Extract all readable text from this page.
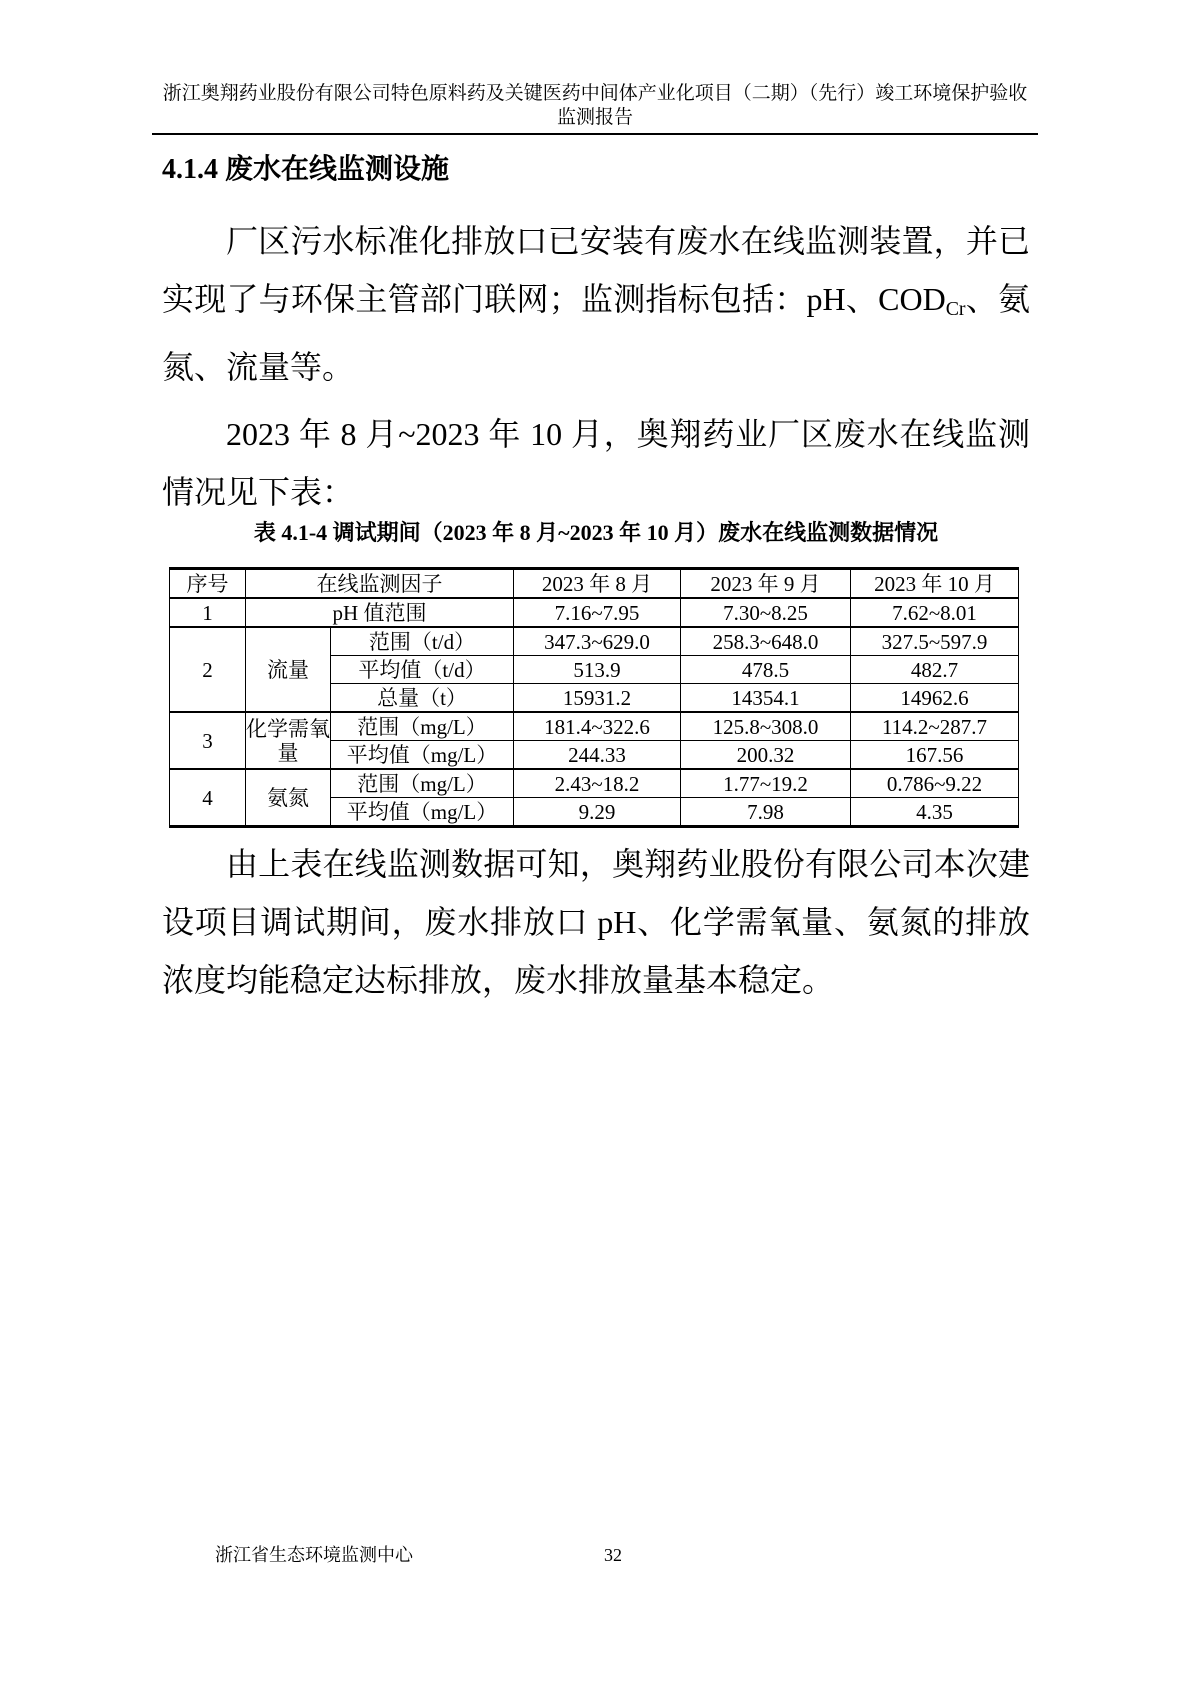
浙江奥翔药业股份有限公司特色原料药及关键医药中间体产业化项目（二期）（先行）竣工环境保护验收
监测报告
4.1.4 废水在线监测设施

厂区污水标准化排放口已安装有废水在线监测装置，并已实现了与环保主管部门联网；监测指标包括：pH、$COD_{Cr}$、氨氮、流量等。

2023 年 8 月~2023 年 10 月，奥翔药业厂区废水在线监测情况见下表：

表 4.1-4 调试期间（2023 年 8 月~2023 年 10 月）废水在线监测数据情况
序号	在线监测因子		2023 年 8 月	2023 年 9 月	2023 年 10 月
1	pH 值范围		7.16~7.95	7.30~8.25	7.62~8.01
2	流量	范围（t/d）	347.3~629.0	258.3~648.0	327.5~597.9
		平均值（t/d）	513.9	478.5	482.7
		总量（t）	15931.2	14354.1	14962.6
3	化学需氧量	范围（mg/L）	181.4~322.6	125.8~308.0	114.2~287.7
		平均值（mg/L）	244.33	200.32	167.56
4	氨氮	范围（mg/L）	2.43~18.2	1.77~19.2	0.786~9.22
		平均值（mg/L）	9.29	7.98	4.35

由上表在线监测数据可知，奥翔药业股份有限公司本次建设项目调试期间，废水排放口 pH、化学需氧量、氨氮的排放浓度均能稳定达标排放，废水排放量基本稳定。

浙江省生态环境监测中心	32
